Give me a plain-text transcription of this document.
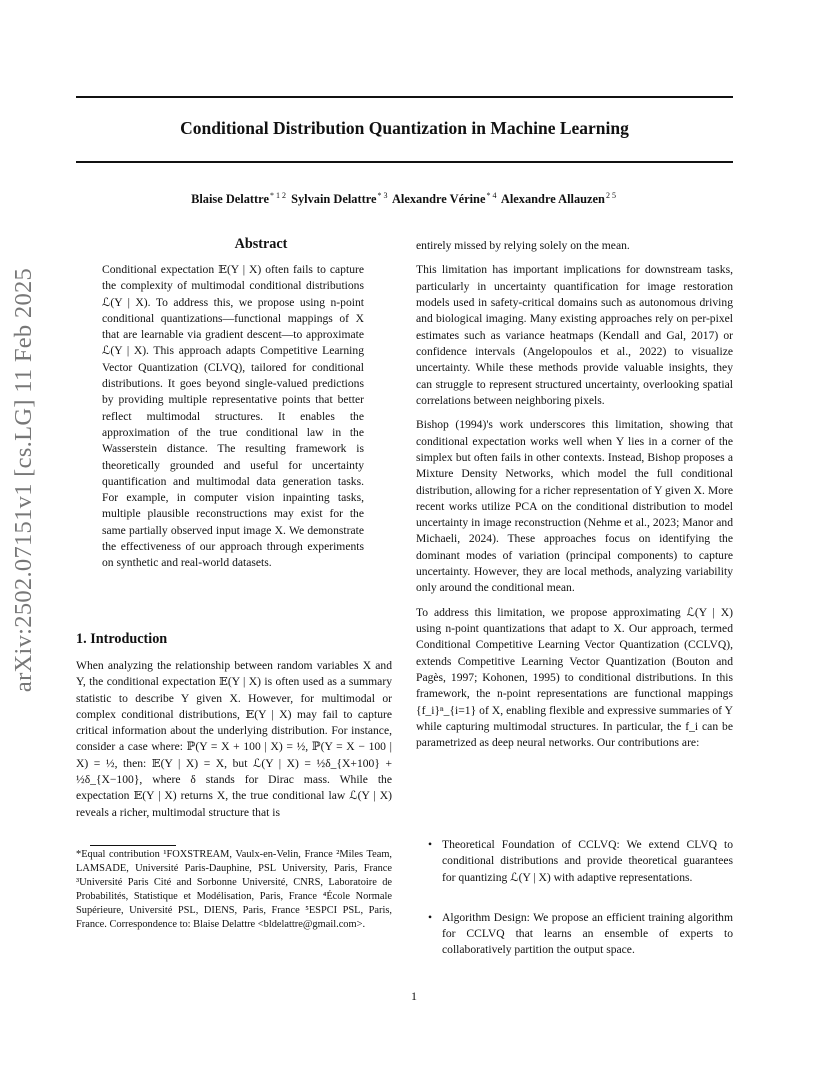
Conditional Distribution Quantization in Machine Learning
Blaise Delattre$^{* 1 2}$ Sylvain Delattre$^{* 3}$ Alexandre Vérine$^{* 4}$ Alexandre Allauzen$^{2 5}$
arXiv:2502.07151v1 [cs.LG] 11 Feb 2025
Abstract
Conditional expectation 𝔼(Y | X) often fails to capture the complexity of multimodal conditional distributions ℒ(Y | X). To address this, we propose using n-point conditional quantizations—functional mappings of X that are learnable via gradient descent—to approximate ℒ(Y | X). This approach adapts Competitive Learning Vector Quantization (CLVQ), tailored for conditional distributions. It goes beyond single-valued predictions by providing multiple representative points that better reflect multimodal structures. It enables the approximation of the true conditional law in the Wasserstein distance. The resulting framework is theoretically grounded and useful for uncertainty quantification and multimodal data generation tasks. For example, in computer vision inpainting tasks, multiple plausible reconstructions may exist for the same partially observed input image X. We demonstrate the effectiveness of our approach through experiments on synthetic and real-world datasets.
1. Introduction
When analyzing the relationship between random variables X and Y, the conditional expectation 𝔼(Y | X) is often used as a summary statistic to describe Y given X. However, for multimodal or complex conditional distributions, 𝔼(Y | X) may fail to capture critical information about the underlying distribution. For instance, consider a case where: ℙ(Y = X + 100 | X) = ½, ℙ(Y = X − 100 | X) = ½, then: 𝔼(Y | X) = X, but ℒ(Y | X) = ½δ_{X+100} + ½δ_{X−100}, where δ stands for Dirac mass. While the expectation 𝔼(Y | X) returns X, the true conditional law ℒ(Y | X) reveals a richer, multimodal structure that is
*Equal contribution ¹FOXSTREAM, Vaulx-en-Velin, France ²Miles Team, LAMSADE, Université Paris-Dauphine, PSL University, Paris, France ³Université Paris Cité and Sorbonne Université, CNRS, Laboratoire de Probabilités, Statistique et Modélisation, Paris, France ⁴École Normale Supérieure, Université PSL, DIENS, Paris, France ⁵ESPCI PSL, Paris, France. Correspondence to: Blaise Delattre <bldelattre@gmail.com>.

entirely missed by relying solely on the mean.

This limitation has important implications for downstream tasks, particularly in uncertainty quantification for image restoration models used in safety-critical domains such as autonomous driving and biological imaging. Many existing approaches rely on per-pixel estimates such as variance heatmaps (Kendall and Gal, 2017) or confidence intervals (Angelopoulos et al., 2022) to visualize uncertainty. While these methods provide valuable insights, they can struggle to represent structured uncertainty, overlooking spatial correlations between neighboring pixels.

Bishop (1994)'s work underscores this limitation, showing that conditional expectation works well when Y lies in a corner of the simplex but often fails in other contexts. Instead, Bishop proposes a Mixture Density Networks, which model the full conditional distribution, allowing for a richer representation of Y given X. More recent works utilize PCA on the conditional distribution to model uncertainty in image reconstruction (Nehme et al., 2023; Manor and Michaeli, 2024). These approaches focus on identifying the dominant modes of variation (principal components) to capture uncertainty. However, they are local methods, analyzing variability only around the conditional mean.

To address this limitation, we propose approximating ℒ(Y | X) using n-point quantizations that adapt to X. Our approach, termed Conditional Competitive Learning Vector Quantization (CCLVQ), extends Competitive Learning Vector Quantization (Bouton and Pagès, 1997; Kohonen, 1995) to conditional distributions. In this framework, the n-point representations are functional mappings {f_i}ⁿ_{i=1} of X, enabling flexible and expressive summaries of Y while capturing multimodal structures. In particular, the f_i can be parametrized as deep neural networks. Our contributions are:

• Theoretical Foundation of CCLVQ: We extend CLVQ to conditional distributions and provide theoretical guarantees for quantizing ℒ(Y | X) with adaptive representations.
• Algorithm Design: We propose an efficient training algorithm for CCLVQ that learns an ensemble of experts to collaboratively partition the output space.
1
